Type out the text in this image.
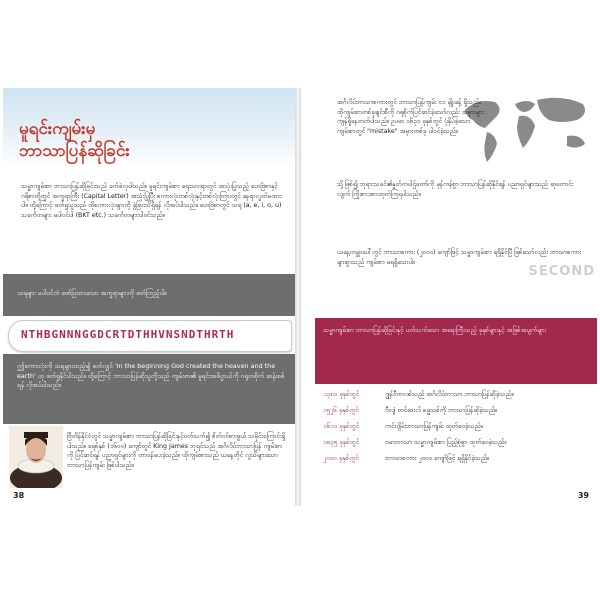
မူရင်းကျမ်းမှ
ဘာသာပြန်ဆိုခြင်း
သမ္မာကျမ်းစာ ဘာသာပြန်ဆိုခြင်းသည် ခက်ခဲလှပါသည်။ မူရင်းကျမ်းစာ ရေးသားရာတွင် အသုံးပြုသည့် ဟေဗြဲစာနှင့် ဂရိစာတို့တွင် အက္ခရာကြီး (Capital Letter) အသုံးပြုပြီး စကားလုံးတစ်လုံးနှင့်တစ်လုံးကြားတွင် နေရာလွတ်မထားပါ။ ထို့ကြောင့် ဖတ်ရှုသူသည် ထိုစကားလုံးများကို ခွဲခြားသိရှိရန် လိုအပ်ပါသည်။ ဟေဗြဲစာတွင် သရ (a, e, i, o, u) သင်္ကေတများ မပါဝင်ပါ (BKT etc.) သင်္ကေတများပါဝင်သည်။
သရများ မပါဝင်ဘဲ ဖော်ပြထားသော အက္ခရာများကို ဖတ်ကြည့်ပါ။
NTHBGNNNGGDCRTDTHHVNSNDTHRTH
ဤစကားလုံးကို သရများထည့်၍ ဖတ်လျှင် 'In the beginning God created the heaven and the earth' ဟု ဖတ်ရှုနိုင်ပါသည်။ ထို့ကြောင့် ဘာသာပြန်ဆိုသူတို့သည် ကျမ်းစာ၏ မူရင်းအဓိပ္ပာယ်ကို ဂရုတစိုက် ဆန်းစစ်ရန် လိုအပ်ပါသည်။
ဗြိတိန်နိုင်ငံတွင် သမ္မာကျမ်းစာ ဘာသာပြန်ဆိုခြင်းနှင့်ပတ်သက်၍ စိတ်ဝင်စားဖွယ် သမိုင်းကြောင်းရှိပါသည်။ ခရစ်နှစ် (၁၆၀၀) ကျော်တွင် King James ဘုရင်သည် အင်္ဂလိပ်ဘာသာပြန် ကျမ်းစာကို ပြင်ဆင်ရန် ပညာရှင်များကို တာဝန်ပေးခဲ့သည်။ ထိုကျမ်းစာသည် ယနေ့တိုင် လူသိများသော ဘာသာပြန်ကျမ်း ဖြစ်ပါသည်။
38
အင်္ဂလိပ်ဘာသာစကားတွင် ဘာသာပြန်ကျမ်း ၀၁ မျိုးခန့် ရှိသည်။ ထိုကျမ်းစာတစ်ခုချင်းစီကို ဂရုစိုက်ပြင်ဆင်ခဲ့သော်လည်း အမှားများ ကျန်ရှိနေတတ်ပါသည်။ ဥပမာ ၁၆၃၁ ခုနှစ်တွင် ပုံနှိပ်ခဲ့သော ကျမ်းစာတွင် "mistake" အမှားတစ်ခု ပါဝင်ခဲ့သည်။
သို့ဖြစ်၍ ဘုရားသခင်၏နှုတ်ကပါဌ်တော်ကို မှန်ကန်စွာ ဘာသာပြန်ဆိုနိုင်ရန် ပညာရှင်များသည် ဆုတောင်းလျက် ကြိုးစားအားထုတ်ကြရပါသည်။
ယနေ့ကမ္ဘာပေါ်တွင် ဘာသာစကား (၂၀၀၀) ကျော်ဖြင့် သမ္မာကျမ်းစာ ရရှိနိုင်ပြီ ဖြစ်သော်လည်း ဘာသာစကားများစွာသည် ကျမ်းစာ မရရှိသေးပါ။
SECOND
သမ္မာကျမ်းစာ ဘာသာပြန်ဆိုခြင်းနှင့် ပတ်သက်သော အရေးကြီးသည့် ခုနှစ်များနှင့် အဖြစ်အပျက်များ
၁၃၈၀ ခုနှစ်တွင်	ဂျွန်ဝီကလစ်သည် အင်္ဂလိပ်ဘာသာ ဘာသာပြန်ဆိုခဲ့သည်။
၁၅၂၆ ခုနှစ်တွင်	ဝီလျံ တင်ဒေးလ် ဓမ္မသစ်ကို ဘာသာပြန်ဆိုခဲ့သည်။
၁၆၁၁ ခုနှစ်တွင်	ကင်းဂျိမ်းဘာသာပြန်ကျမ်း ထုတ်ဝေခဲ့သည်။
၁၈၃၅ ခုနှစ်တွင်	ဗမာဘာသာ သမ္မာကျမ်းစာ ပြည့်စုံစွာ ထုတ်ဝေခဲ့သည်။
၂၀၀၀ ခုနှစ်တွင်	ဘာသာစကား ၂၀၀၀ ကျော်ဖြင့် ရရှိနိုင်ခဲ့သည်။
39
